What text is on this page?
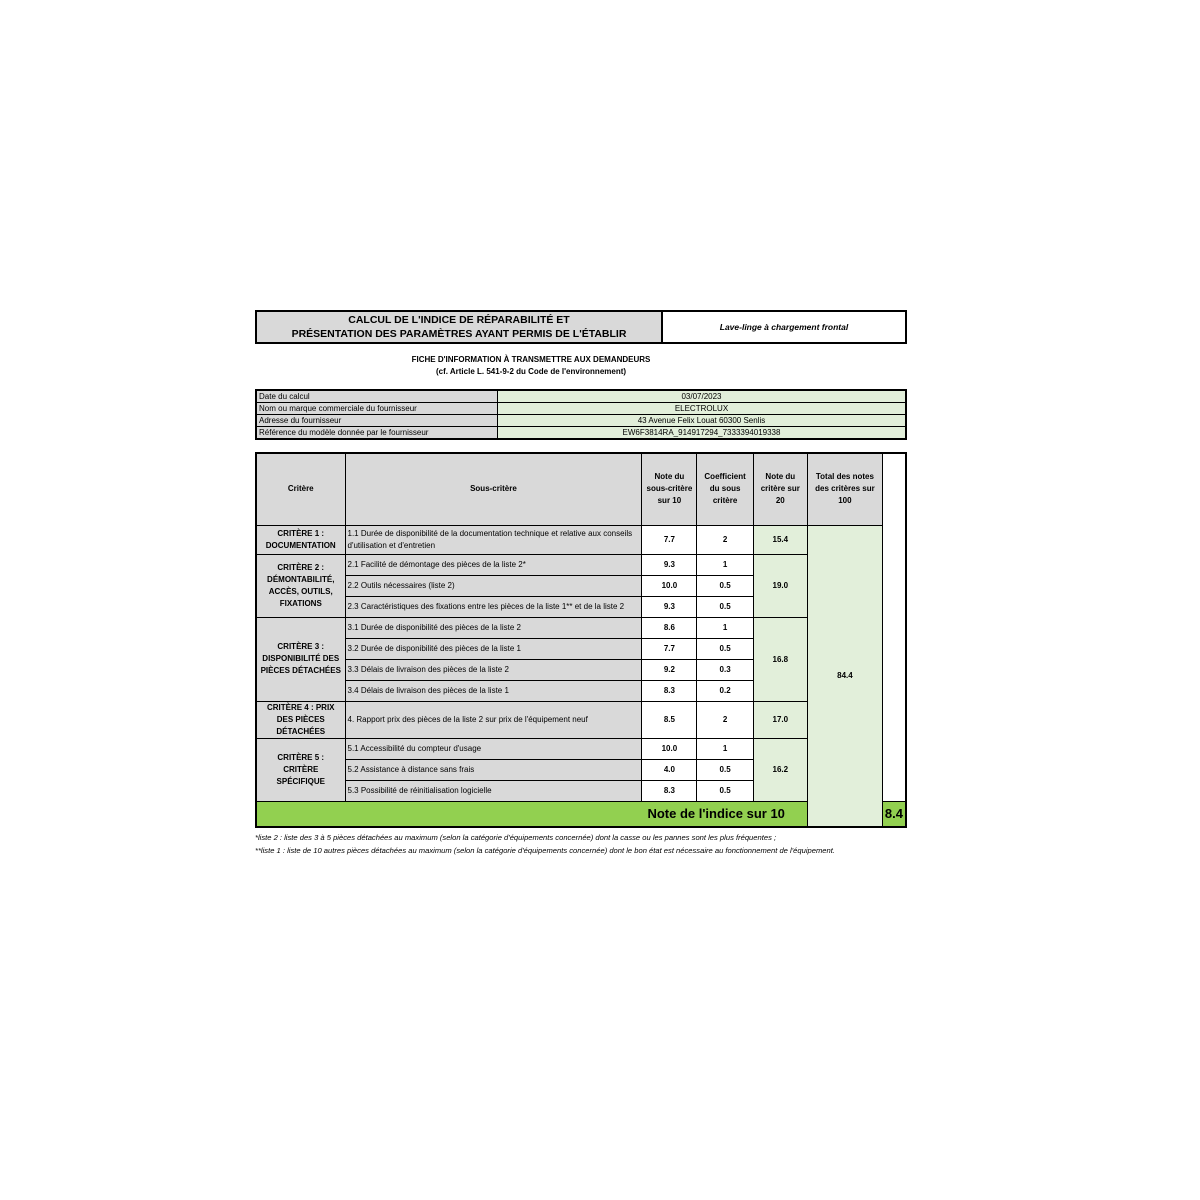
CALCUL DE L'INDICE DE RÉPARABILITÉ ET
PRÉSENTATION DES PARAMÈTRES AYANT PERMIS DE L'ÉTABLIR
Lave-linge à chargement frontal
FICHE D'INFORMATION À TRANSMETTRE AUX DEMANDEURS
(cf. Article L. 541-9-2 du Code de l'environnement)
Date du calcul	03/07/2023
Nom ou marque commerciale du fournisseur	ELECTROLUX
Adresse du fournisseur	43 Avenue Felix Louat 60300 Senlis
Référence du modèle donnée par le fournisseur	EW6F3814RA_914917294_7333394019338
Critère	Sous-critère	Note du sous-critère sur 10	Coefficient du sous critère	Note du critère sur 20	Total des notes des critères sur 100	
CRITÈRE 1 : DOCUMENTATION	1.1 Durée de disponibilité de la documentation technique et relative aux conseils d'utilisation et d'entretien	7.7	2	15.4	84.4	
CRITÈRE 2 : DÉMONTABILITÉ, ACCÈS, OUTILS, FIXATIONS	2.1 Facilité de démontage des pièces de la liste 2*	9.3	1	19.0		
	2.2 Outils nécessaires (liste 2)	10.0	0.5			
	2.3 Caractéristiques des fixations entre les pièces de la liste 1** et de la liste 2	9.3	0.5			
CRITÈRE 3 : DISPONIBILITÉ DES PIÈCES DÉTACHÉES	3.1 Durée de disponibilité des pièces de la liste 2	8.6	1	16.8		
	3.2 Durée de disponibilité des pièces de la liste 1	7.7	0.5			
	3.3 Délais de livraison des pièces de la liste 2	9.2	0.3			
	3.4 Délais de livraison des pièces de la liste 1	8.3	0.2			
CRITÈRE 4 : PRIX DES PIÈCES DÉTACHÉES	4. Rapport prix des pièces de la liste 2 sur prix de l'équipement neuf	8.5	2	17.0		
CRITÈRE 5 : CRITÈRE SPÉCIFIQUE	5.1 Accessibilité du compteur d'usage	10.0	1	16.2		
	5.2 Assistance à distance sans frais	4.0	0.5			
	5.3 Possibilité de réinitialisation logicielle	8.3	0.5			
Note de l'indice sur 10						8.4
*liste 2 : liste des 3 à 5 pièces détachées au maximum (selon la catégorie d'équipements concernée) dont la casse ou les pannes sont les plus fréquentes ;
**liste 1 : liste de 10 autres pièces détachées au maximum (selon la catégorie d'équipements concernée) dont le bon état est nécessaire au fonctionnement de l'équipement.
